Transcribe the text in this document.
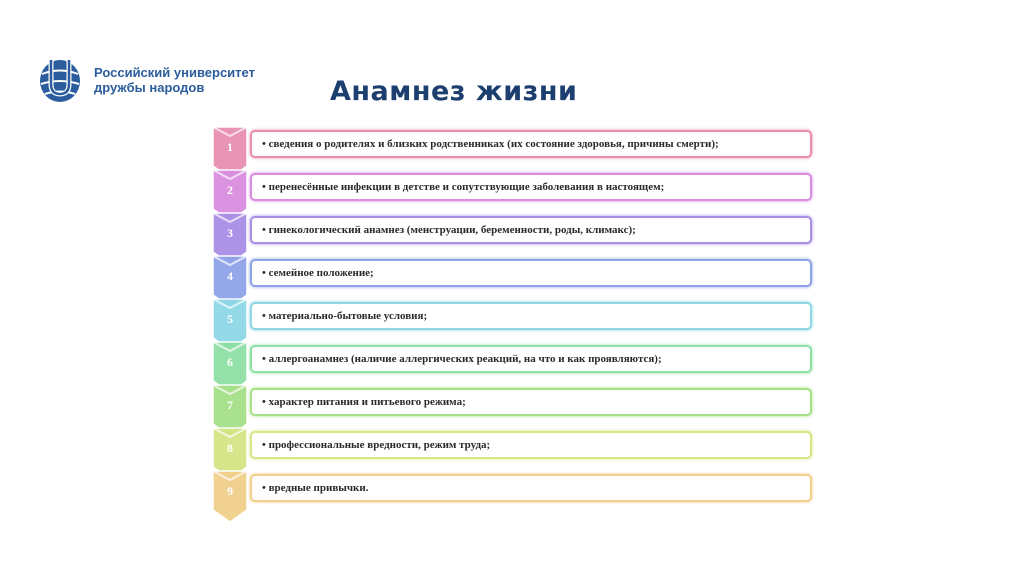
Российский университет
дружбы народов	Анамнез жизни
1	• сведения о родителях и близких родственниках (их состояние здоровья, причины смерти);
2	• перенесённые инфекции в детстве и сопутствующие заболевания в настоящем;
3	• гинекологический анамнез (менструации, беременности, роды, климакс);
4	• семейное положение;
5	• материально-бытовые условия;
6	• аллергоанамнез (наличие аллергических реакций, на что и как проявляются);
7	• характер питания и питьевого режима;
8	• профессиональные вредности, режим труда;
9	• вредные привычки.
